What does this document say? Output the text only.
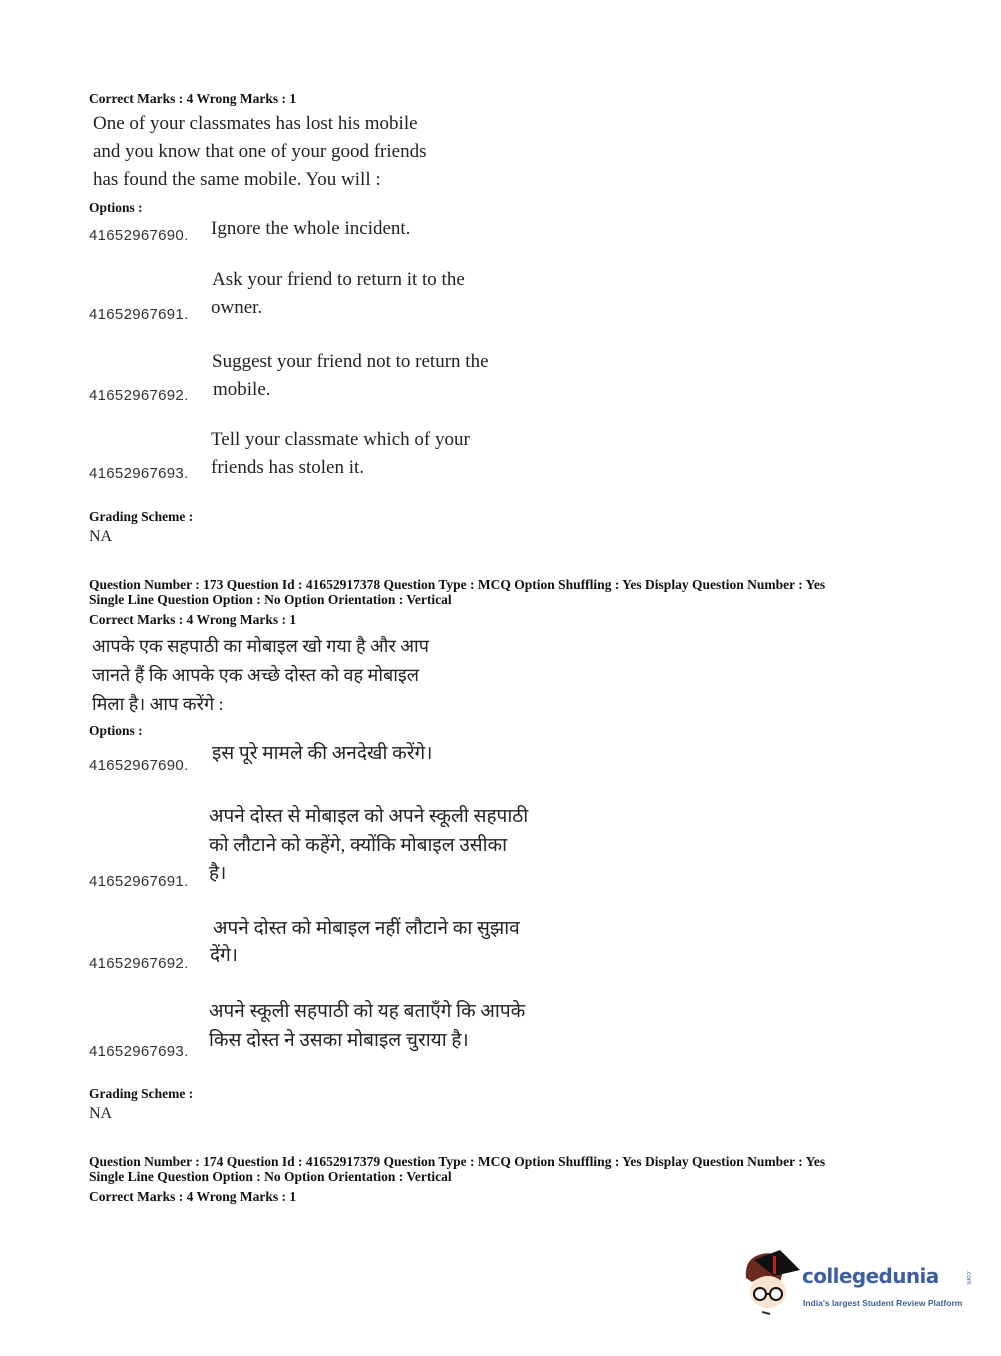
Correct Marks : 4 Wrong Marks : 1
One of your classmates has lost his mobile
and you know that one of your good friends
has found the same mobile. You will :
Options :
41652967690. Ignore the whole incident.
Ask your friend to return it to the
41652967691. owner.
Suggest your friend not to return the
41652967692. mobile.
Tell your classmate which of your
41652967693. friends has stolen it.
Grading Scheme :
NA
Question Number : 173 Question Id : 41652917378 Question Type : MCQ Option Shuffling : Yes Display Question Number : Yes
Single Line Question Option : No Option Orientation : Vertical
Correct Marks : 4 Wrong Marks : 1
आपके एक सहपाठी का मोबाइल खो गया है और आप
जानते हैं कि आपके एक अच्छे दोस्त को वह मोबाइल
मिला है। आप करेंगे :
Options :
41652967690.
इस पूरे मामले की अनदेखी करेंगे।
अपने दोस्त से मोबाइल को अपने स्कूली सहपाठी
को लौटाने को कहेंगे, क्योंकि मोबाइल उसीका
41652967691. है।
अपने दोस्त को मोबाइल नहीं लौटाने का सुझाव
41652967692. देंगे।
अपने स्कूली सहपाठी को यह बताएँगे कि आपके
41652967693.
किस दोस्त ने उसका मोबाइल चुराया है।
Grading Scheme :
NA
Question Number : 174 Question Id : 41652917379 Question Type : MCQ Option Shuffling : Yes Display Question Number : Yes
Single Line Question Option : No Option Orientation : Vertical
Correct Marks : 4 Wrong Marks : 1
collegedunia	.com
India's largest Student Review Platform
